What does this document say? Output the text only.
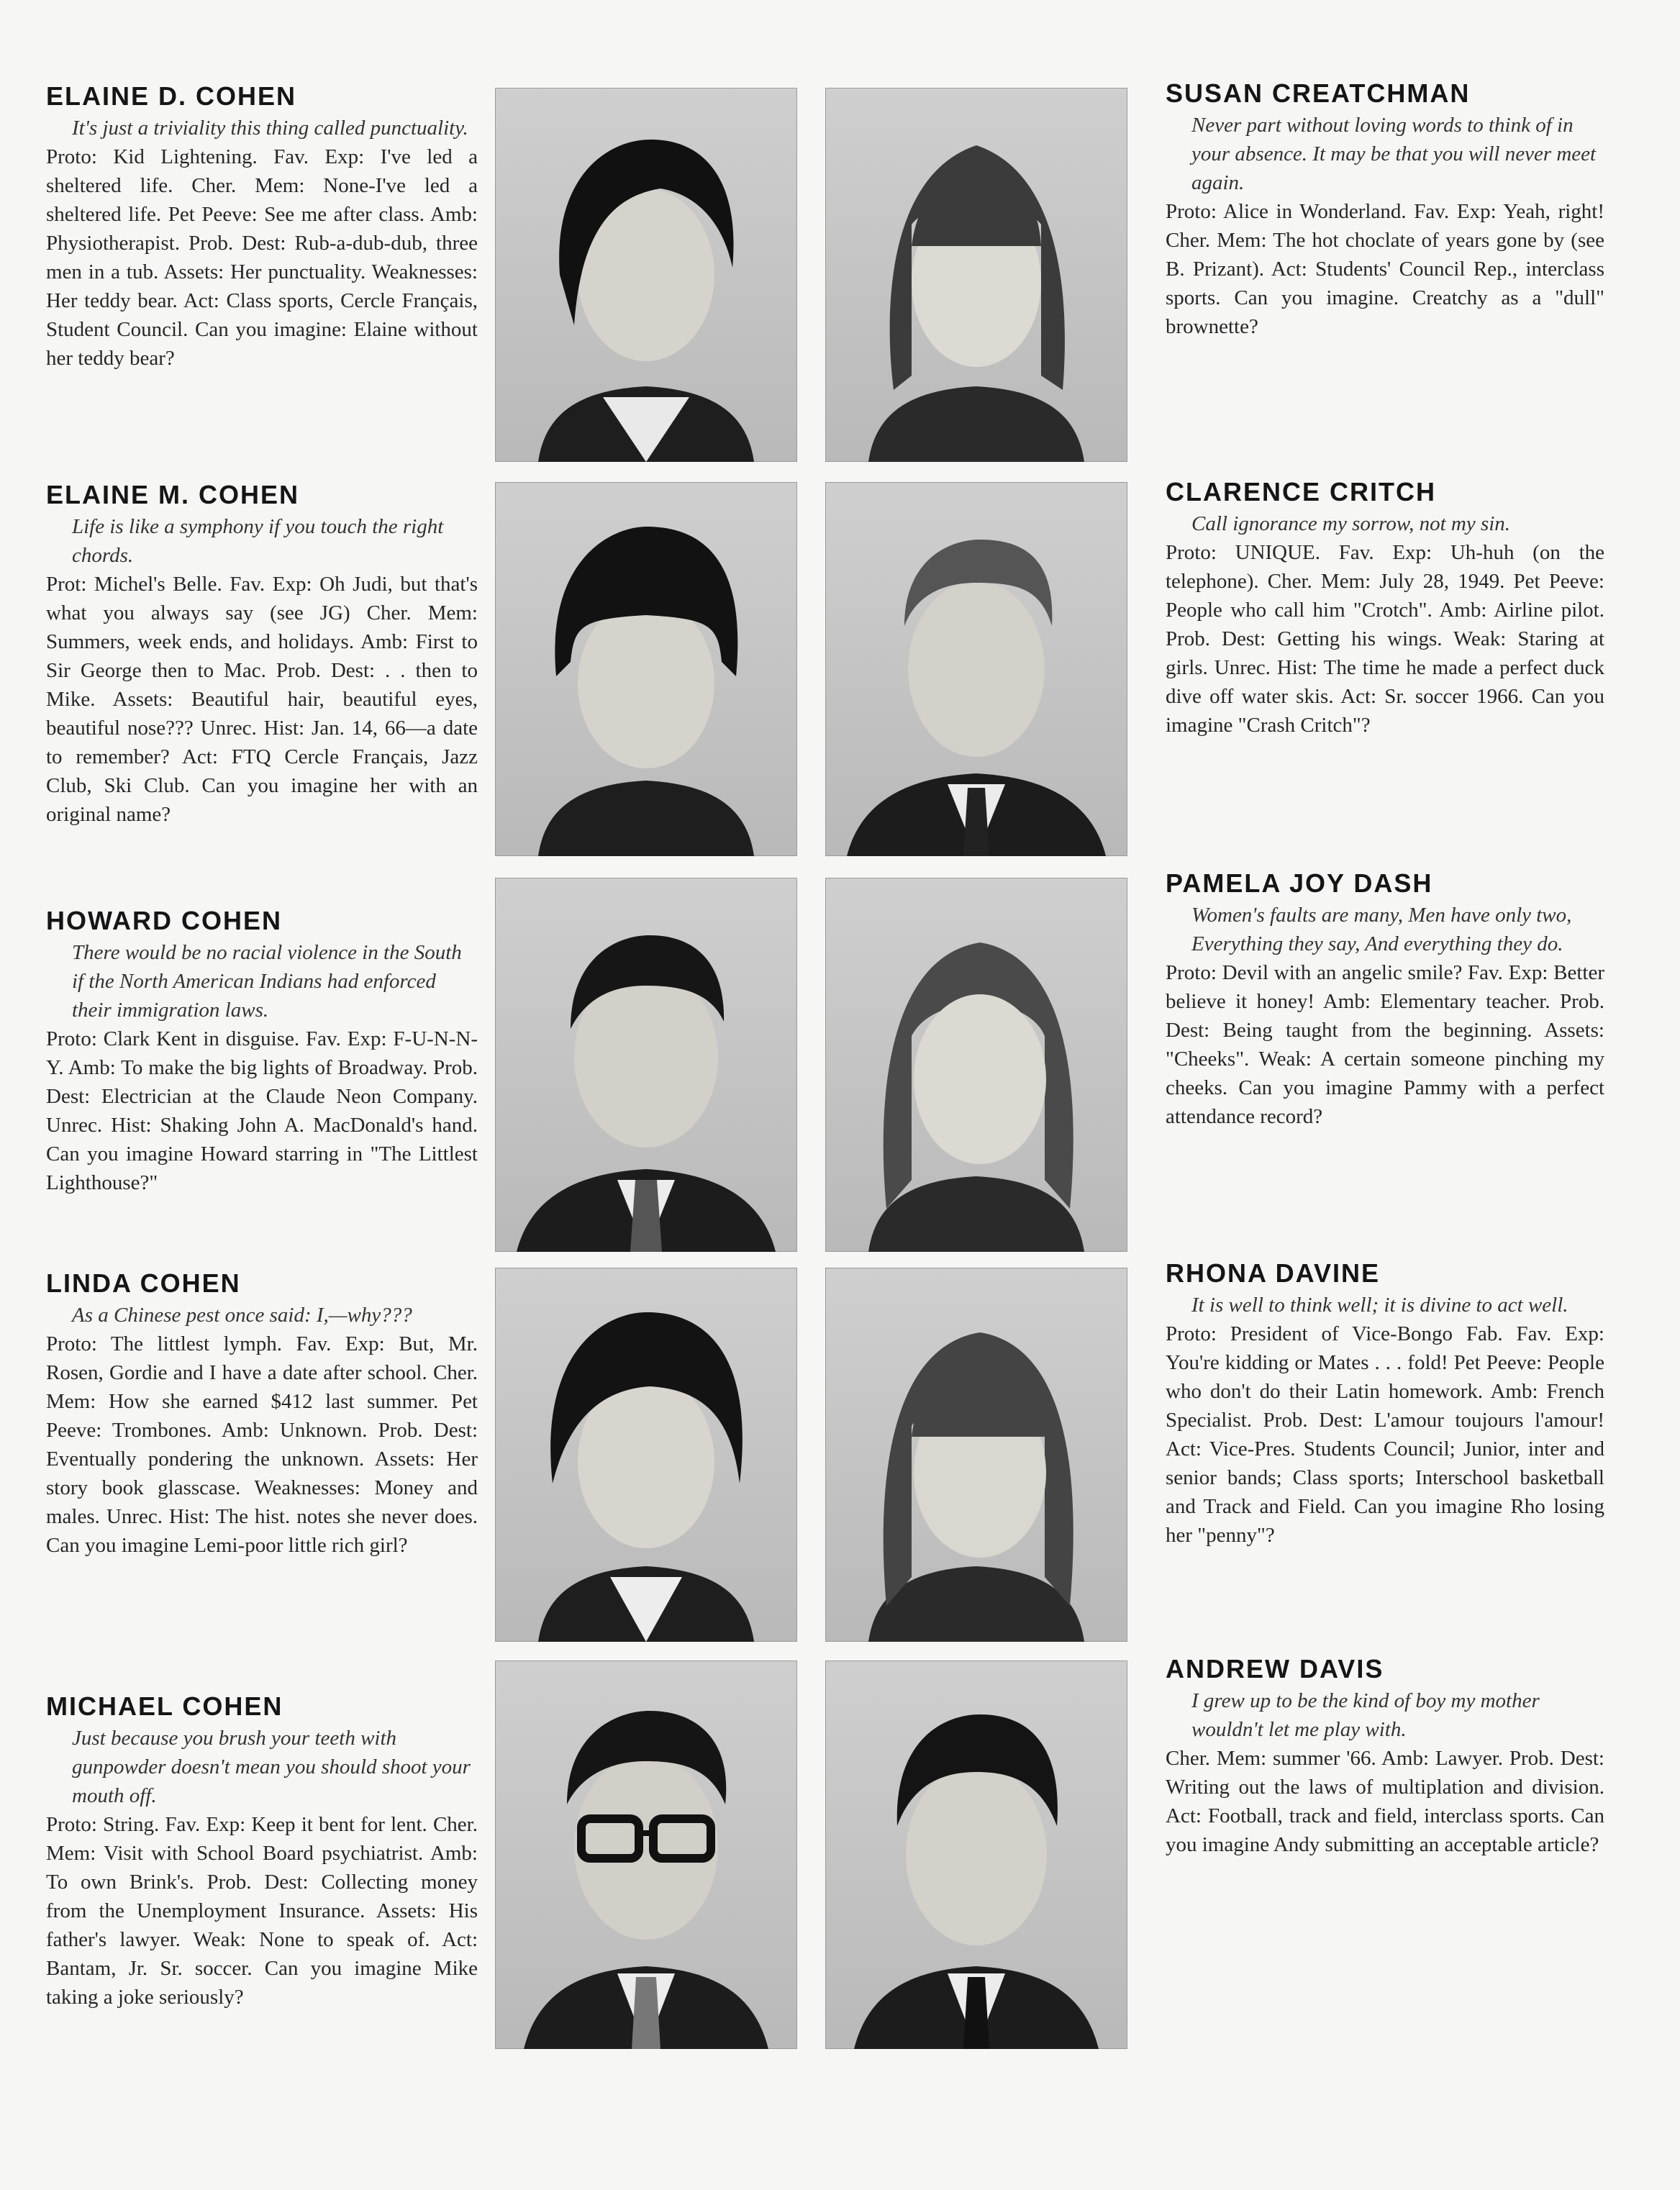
ELAINE D. COHEN
It's just a triviality this thing called punctuality.
Proto: Kid Lightening. Fav. Exp: I've led a sheltered life. Cher. Mem: None-I've led a sheltered life. Pet Peeve: See me after class. Amb: Physiotherapist. Prob. Dest: Rub-a-dub-dub, three men in a tub. Assets: Her punctuality. Weaknesses: Her teddy bear. Act: Class sports, Cercle Français, Student Council. Can you imagine: Elaine without her teddy bear?
ELAINE M. COHEN
Life is like a symphony if you touch the right chords.
Prot: Michel's Belle. Fav. Exp: Oh Judi, but that's what you always say (see JG) Cher. Mem: Summers, week ends, and holidays. Amb: First to Sir George then to Mac. Prob. Dest: . . then to Mike. Assets: Beautiful hair, beautiful eyes, beautiful nose??? Unrec. Hist: Jan. 14, 66—a date to remember? Act: FTQ Cercle Français, Jazz Club, Ski Club. Can you imagine her with an original name?
HOWARD COHEN
There would be no racial violence in the South if the North American Indians had enforced their immigration laws.
Proto: Clark Kent in disguise. Fav. Exp: F-U-N-N-Y. Amb: To make the big lights of Broadway. Prob. Dest: Electrician at the Claude Neon Company. Unrec. Hist: Shaking John A. MacDonald's hand. Can you imagine Howard starring in "The Littlest Lighthouse?"
LINDA COHEN
As a Chinese pest once said: I,—why???
Proto: The littlest lymph. Fav. Exp: But, Mr. Rosen, Gordie and I have a date after school. Cher. Mem: How she earned $412 last summer. Pet Peeve: Trombones. Amb: Unknown. Prob. Dest: Eventually pondering the unknown. Assets: Her story book glasscase. Weaknesses: Money and males. Unrec. Hist: The hist. notes she never does. Can you imagine Lemi-poor little rich girl?
MICHAEL COHEN
Just because you brush your teeth with gunpowder doesn't mean you should shoot your mouth off.
Proto: String. Fav. Exp: Keep it bent for lent. Cher. Mem: Visit with School Board psychiatrist. Amb: To own Brink's. Prob. Dest: Collecting money from the Unemployment Insurance. Assets: His father's lawyer. Weak: None to speak of. Act: Bantam, Jr. Sr. soccer. Can you imagine Mike taking a joke seriously?
SUSAN CREATCHMAN
Never part without loving words to think of in your absence. It may be that you will never meet again.
Proto: Alice in Wonderland. Fav. Exp: Yeah, right! Cher. Mem: The hot choclate of years gone by (see B. Prizant). Act: Students' Council Rep., interclass sports. Can you imagine. Creatchy as a "dull" brownette?
CLARENCE CRITCH
Call ignorance my sorrow, not my sin.
Proto: UNIQUE. Fav. Exp: Uh-huh (on the telephone). Cher. Mem: July 28, 1949. Pet Peeve: People who call him "Crotch". Amb: Airline pilot. Prob. Dest: Getting his wings. Weak: Staring at girls. Unrec. Hist: The time he made a perfect duck dive off water skis. Act: Sr. soccer 1966. Can you imagine "Crash Critch"?
PAMELA JOY DASH
Women's faults are many, Men have only two, Everything they say, And everything they do.
Proto: Devil with an angelic smile? Fav. Exp: Better believe it honey! Amb: Elementary teacher. Prob. Dest: Being taught from the beginning. Assets: "Cheeks". Weak: A certain someone pinching my cheeks. Can you imagine Pammy with a perfect attendance record?
RHONA DAVINE
It is well to think well; it is divine to act well.
Proto: President of Vice-Bongo Fab. Fav. Exp: You're kidding or Mates . . . fold! Pet Peeve: People who don't do their Latin homework. Amb: French Specialist. Prob. Dest: L'amour toujours l'amour! Act: Vice-Pres. Students Council; Junior, inter and senior bands; Class sports; Interschool basketball and Track and Field. Can you imagine Rho losing her "penny"?
ANDREW DAVIS
I grew up to be the kind of boy my mother wouldn't let me play with.
Cher. Mem: summer '66. Amb: Lawyer. Prob. Dest: Writing out the laws of multiplation and division. Act: Football, track and field, interclass sports. Can you imagine Andy submitting an acceptable article?
